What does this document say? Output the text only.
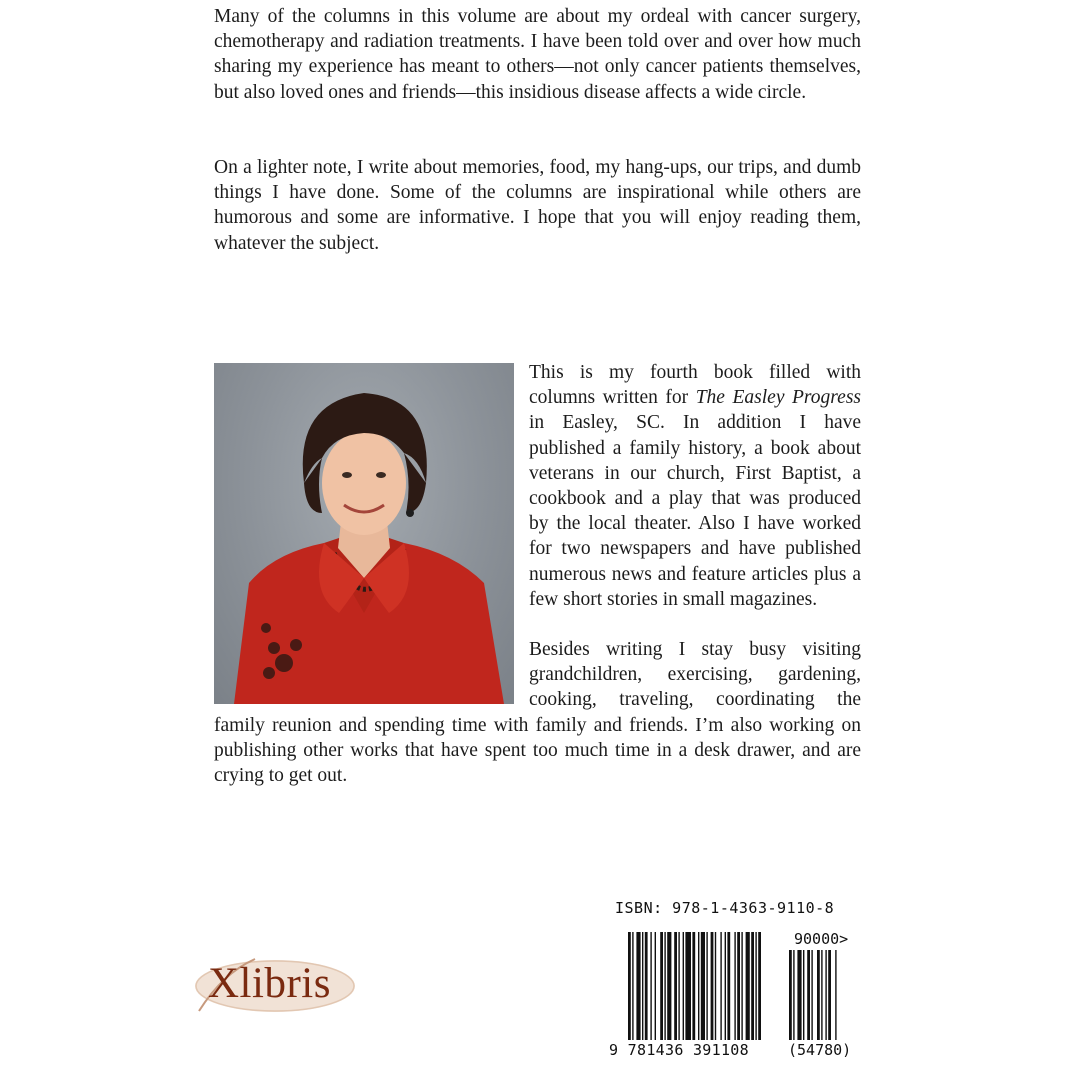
Many of the columns in this volume are about my ordeal with cancer surgery, chemotherapy and radiation treatments. I have been told over and over how much sharing my experience has meant to others—not only cancer patients themselves, but also loved ones and friends—this insidious disease affects a wide circle.

On a lighter note, I write about memories, food, my hang-ups, our trips, and dumb things I have done. Some of the columns are inspirational while others are humorous and some are informative. I hope that you will enjoy reading them, whatever the subject.

This is my fourth book filled with columns written for The Easley Progress in Easley, SC. In addition I have published a family history, a book about veterans in our church, First Baptist, a cookbook and a play that was produced by the local theater. Also I have worked for two newspapers and have published numerous news and feature articles plus a few short stories in small magazines.

Besides writing I stay busy visiting grandchildren, exercising, gardening, cooking, traveling, coordinating the family reunion and spending time with family and friends. I’m also working on publishing other works that have spent too much time in a desk drawer, and are crying to get out.

Xlibris
ISBN: 978-1-4363-9110-8
90000>
9 781436 391108	(54780)
